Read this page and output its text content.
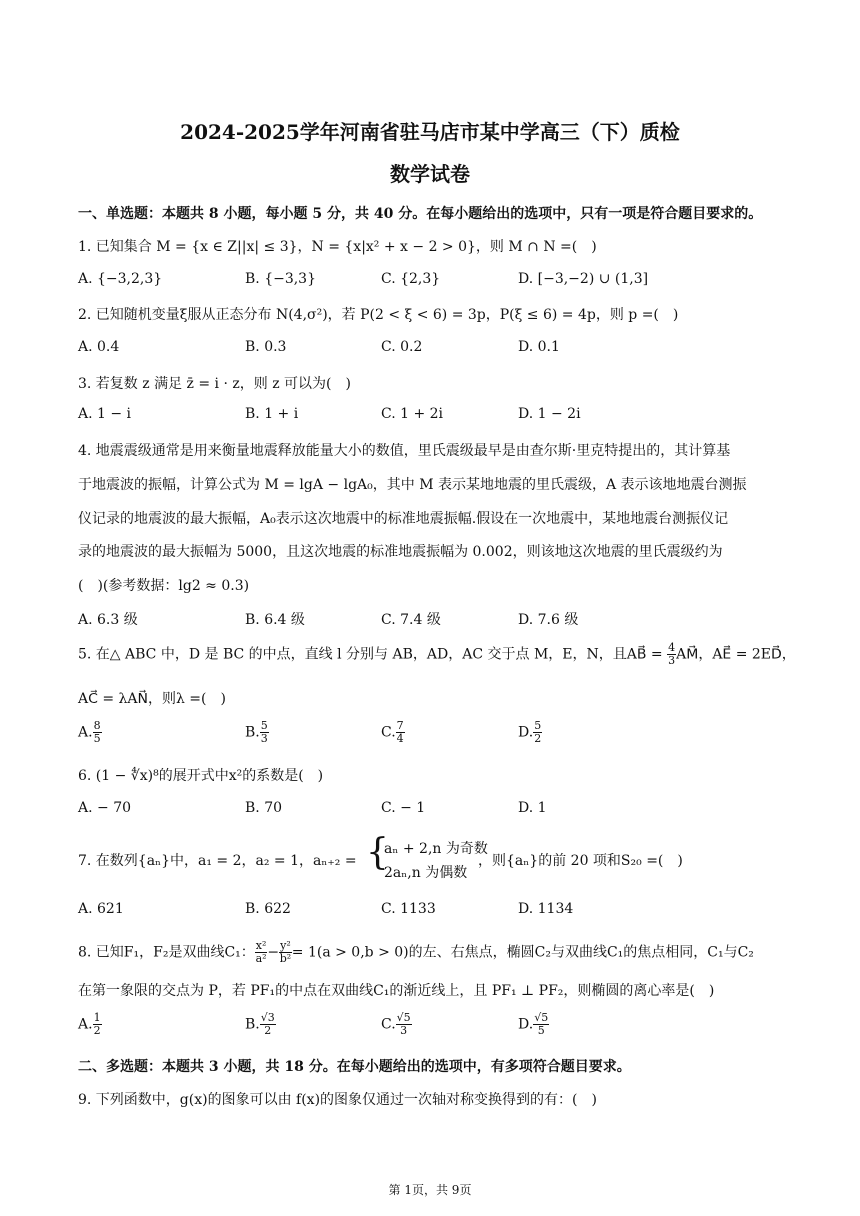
2024-2025学年河南省驻马店市某中学高三（下）质检
数学试卷
一、单选题：本题共 8 小题，每小题 5 分，共 40 分。在每小题给出的选项中，只有一项是符合题目要求的。
1. 已知集合 M = {x ∈ Z||x| ≤ 3}，N = {x|x² + x − 2 > 0}，则 M ∩ N =(　)
A. {−3,2,3}	B. {−3,3}	C. {2,3}	D. [−3,−2) ∪ (1,3]
2. 已知随机变量ξ服从正态分布 N(4,σ²)，若 P(2 < ξ < 6) = 3p，P(ξ ≤ 6) = 4p，则 p =(　)
A. 0.4	B. 0.3	C. 0.2	D. 0.1
3. 若复数 z 满足 z̄ = i · z，则 z 可以为(　)
A. 1 − i	B. 1 + i	C. 1 + 2i	D. 1 − 2i
4. 地震震级通常是用来衡量地震释放能量大小的数值，里氏震级最早是由查尔斯·里克特提出的，其计算基
于地震波的振幅，计算公式为 M = lgA − lgA₀，其中 M 表示某地地震的里氏震级，A 表示该地地震台测振
仪记录的地震波的最大振幅，A₀表示这次地震中的标准地震振幅.假设在一次地震中，某地地震台测振仪记
录的地震波的最大振幅为 5000，且这次地震的标准地震振幅为 0.002，则该地这次地震的里氏震级约为
(　)(参考数据：lg2 ≈ 0.3)
A. 6.3 级	B. 6.4 级	C. 7.4 级	D. 7.6 级
5. 在△ ABC 中，D 是 BC 的中点，直线 l 分别与 AB，AD，AC 交于点 M，E，N，且AB⃗ = $\frac{4}{3}$ AM⃗，AE⃗ = 2ED⃗，
AC⃗ = λAN⃗，则λ =(　)
A. $\frac{8}{5}$	B. $\frac{5}{3}$	C. $\frac{7}{4}$	D. $\frac{5}{2}$
6. (1 − ∜x)⁸的展开式中x²的系数是(　)
A. − 70	B. 70	C. − 1	D. 1
7. 在数列{aₙ}中，a₁ = 2，a₂ = 1，aₙ₊₂ = {
aₙ + 2,n 为奇数
2aₙ,n 为偶数
，则{aₙ}的前 20 项和S₂₀ =(　)
A. 621	B. 622	C. 1133	D. 1134
8. 已知F₁，F₂是双曲线C₁： $\frac{\text{x²}}{\text{a²}} - \frac{\text{y²}}{\text{b²}} = 1(a > 0,b > 0)$的左、右焦点，椭圆C₂与双曲线C₁的焦点相同，C₁与C₂
在第一象限的交点为 P，若 PF₁的中点在双曲线C₁的渐近线上，且 PF₁ ⊥ PF₂，则椭圆的离心率是(　)
A. $\frac{1}{2}$	B. $\frac{√3}{2}$	C. $\frac{√5}{3}$	D. $\frac{√5}{5}$
二、多选题：本题共 3 小题，共 18 分。在每小题给出的选项中，有多项符合题目要求。
9. 下列函数中，g(x)的图象可以由 f(x)的图象仅通过一次轴对称变换得到的有：(　)
第 1页，共 9页
